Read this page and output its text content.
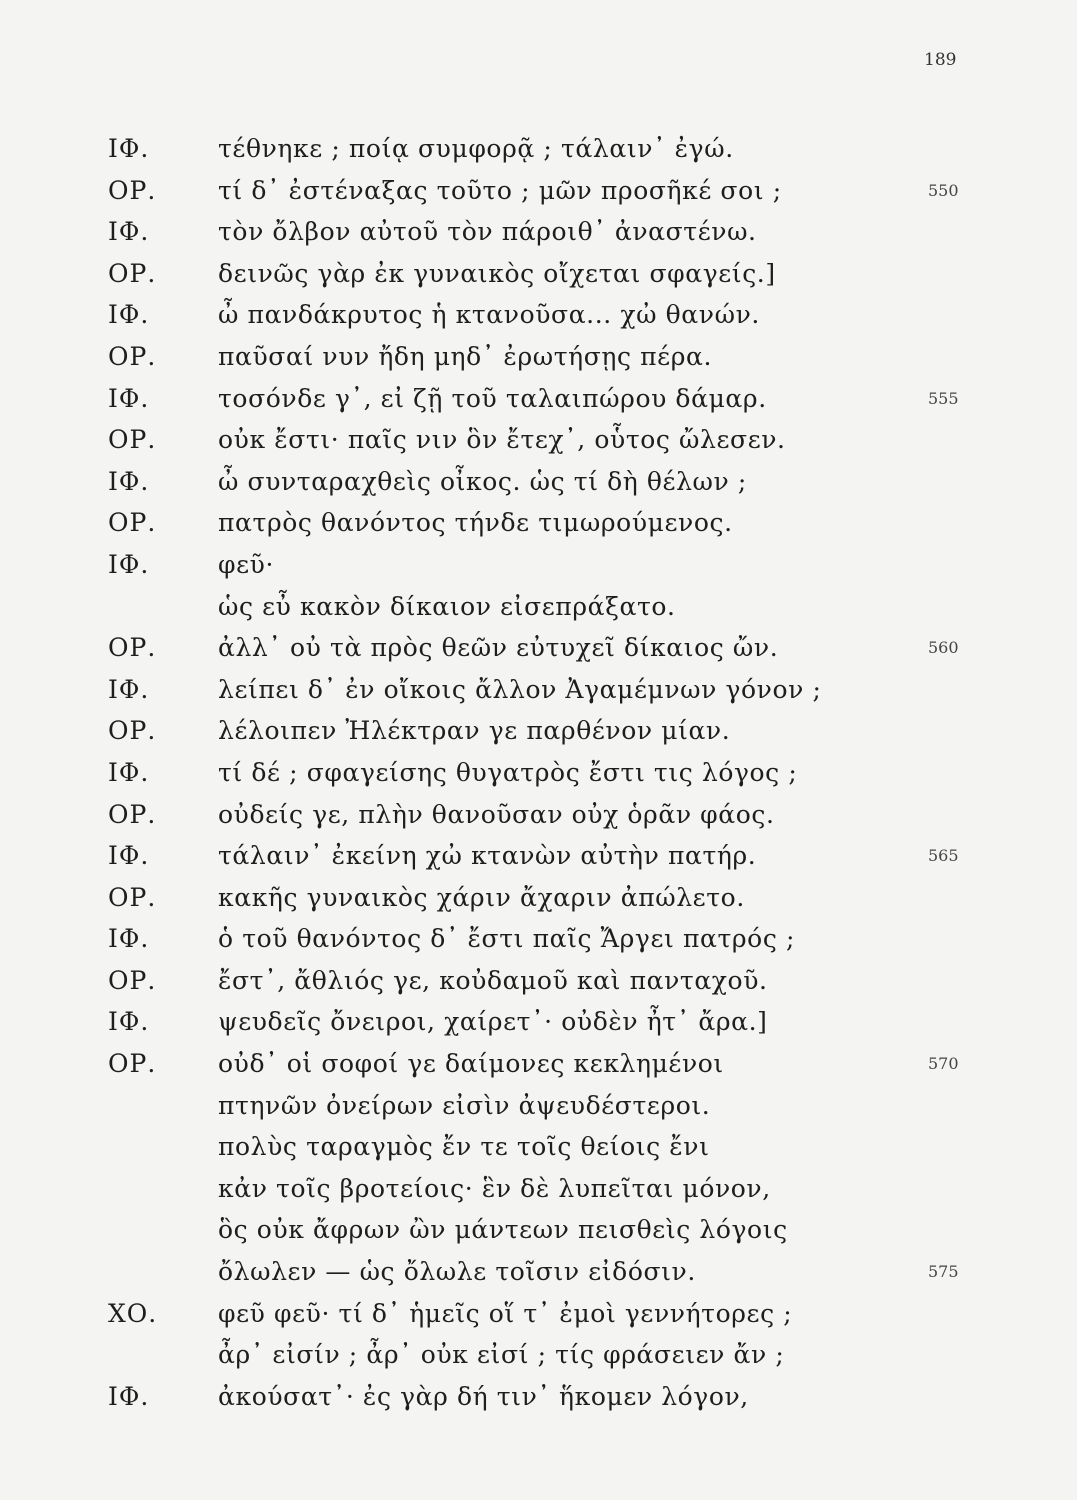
189
ΙΦ.	τέθνηκε ; ποίᾳ συμφορᾷ ; τάλαιν᾽ ἐγώ.
ΟΡ.	τί δ᾽ ἐστέναξας τοῦτο ; μῶν προσῆκέ σοι ;	550
ΙΦ.	τὸν ὄλβον αὐτοῦ τὸν πάροιθ᾽ ἀναστένω.
ΟΡ.	δεινῶς γὰρ ἐκ γυναικὸς οἴχεται σφαγείς.]
ΙΦ.	ὦ πανδάκρυτος ἡ κτανοῦσα... χὠ θανών.
ΟΡ.	παῦσαί νυν ἤδη μηδ᾽ ἐρωτήσῃς πέρα.
ΙΦ.	τοσόνδε γ᾽, εἰ ζῇ τοῦ ταλαιπώρου δάμαρ.	555
ΟΡ.	οὐκ ἔστι· παῖς νιν ὃν ἔτεχ᾽, οὗτος ὤλεσεν.
ΙΦ.	ὦ συνταραχθεὶς οἶκος. ὡς τί δὴ θέλων ;
ΟΡ.	πατρὸς θανόντος τήνδε τιμωρούμενος.
ΙΦ.	φεῦ·
ὡς εὖ κακὸν δίκαιον εἰσεπράξατο.
ΟΡ.	ἀλλ᾽ οὐ τὰ πρὸς θεῶν εὐτυχεῖ δίκαιος ὤν.	560
ΙΦ.	λείπει δ᾽ ἐν οἴκοις ἄλλον Ἀγαμέμνων γόνον ;
ΟΡ.	λέλοιπεν Ἠλέκτραν γε παρθένον μίαν.
ΙΦ.	τί δέ ; σφαγείσης θυγατρὸς ἔστι τις λόγος ;
ΟΡ.	οὐδείς γε, πλὴν θανοῦσαν οὐχ ὁρᾶν φάος.
ΙΦ.	τάλαιν᾽ ἐκείνη χὠ κτανὼν αὐτὴν πατήρ.	565
ΟΡ.	κακῆς γυναικὸς χάριν ἄχαριν ἀπώλετο.
ΙΦ.	ὁ τοῦ θανόντος δ᾽ ἔστι παῖς Ἄργει πατρός ;
ΟΡ.	ἔστ᾽, ἄθλιός γε, κοὐδαμοῦ καὶ πανταχοῦ.
ΙΦ.	ψευδεῖς ὄνειροι, χαίρετ᾽· οὐδὲν ἦτ᾽ ἄρα.]
ΟΡ.	οὐδ᾽ οἱ σοφοί γε δαίμονες κεκλημένοι	570
πτηνῶν ὀνείρων εἰσὶν ἀψευδέστεροι.
πολὺς ταραγμὸς ἔν τε τοῖς θείοις ἔνι
κἀν τοῖς βροτείοις· ἓν δὲ λυπεῖται μόνον,
ὃς οὐκ ἄφρων ὢν μάντεων πεισθεὶς λόγοις
ὄλωλεν — ὡς ὄλωλε τοῖσιν εἰδόσιν.	575
ΧΟ.	φεῦ φεῦ· τί δ᾽ ἡμεῖς οἵ τ᾽ ἐμοὶ γεννήτορες ;
ἆρ᾽ εἰσίν ; ἆρ᾽ οὐκ εἰσί ; τίς φράσειεν ἄν ;
ΙΦ.	ἀκούσατ᾽· ἐς γὰρ δή τιν᾽ ἥκομεν λόγον,
